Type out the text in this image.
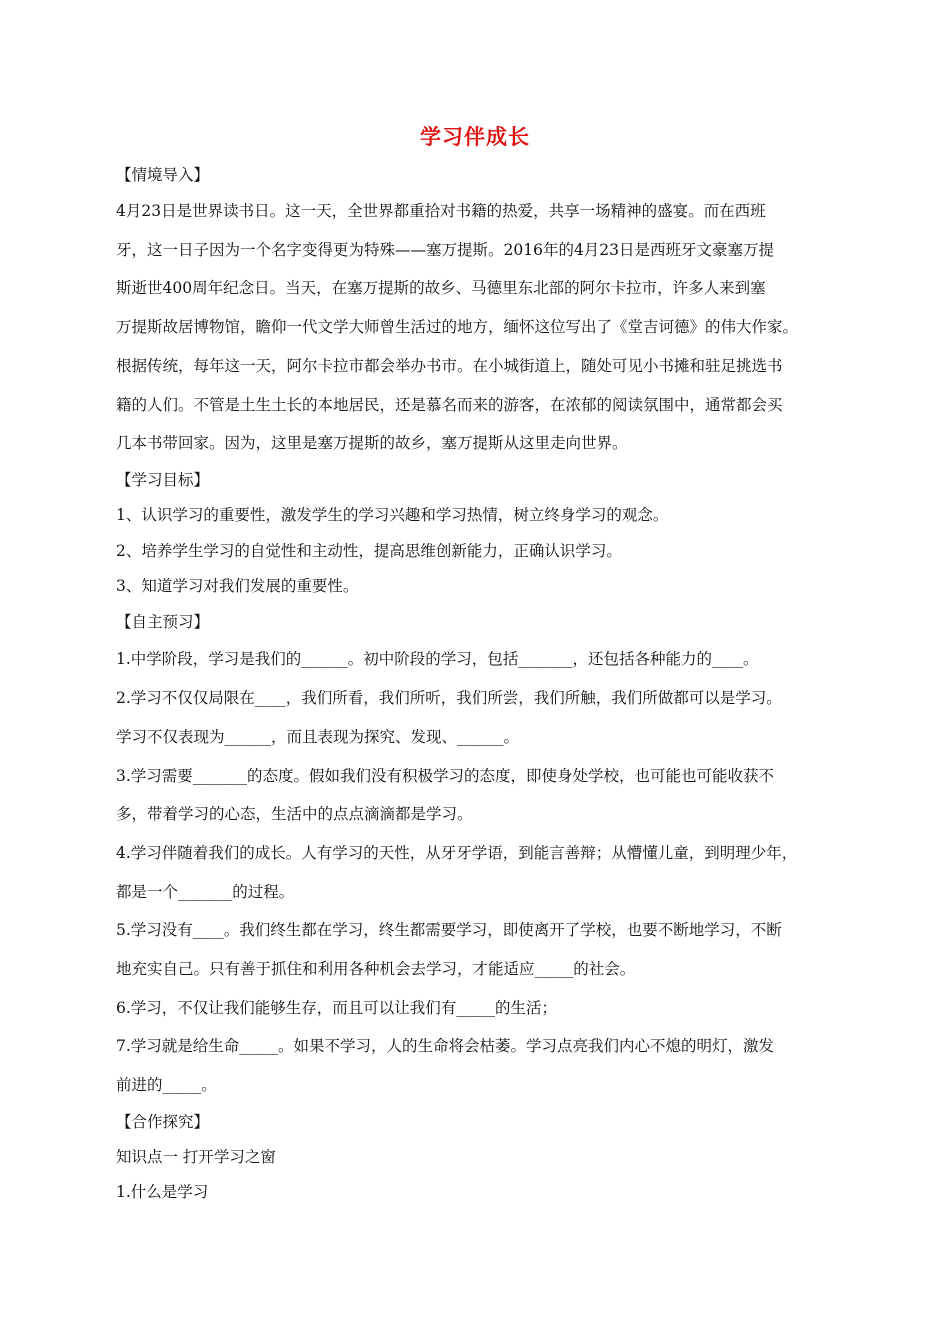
学习伴成长
【情境导入】
4月23日是世界读书日。这一天，全世界都重拾对书籍的热爱，共享一场精神的盛宴。而在西班
牙，这一日子因为一个名字变得更为特殊——塞万提斯。2016年的4月23日是西班牙文豪塞万提
斯逝世400周年纪念日。当天，在塞万提斯的故乡、马德里东北部的阿尔卡拉市，许多人来到塞
万提斯故居博物馆，瞻仰一代文学大师曾生活过的地方，缅怀这位写出了《堂吉诃德》的伟大作家。
根据传统，每年这一天，阿尔卡拉市都会举办书市。在小城街道上，随处可见小书摊和驻足挑选书
籍的人们。不管是土生土长的本地居民，还是慕名而来的游客，在浓郁的阅读氛围中，通常都会买
几本书带回家。因为，这里是塞万提斯的故乡，塞万提斯从这里走向世界。
【学习目标】
1、认识学习的重要性，激发学生的学习兴趣和学习热情，树立终身学习的观念。
2、培养学生学习的自觉性和主动性，提高思维创新能力，正确认识学习。
3、知道学习对我们发展的重要性。
【自主预习】
1.中学阶段，学习是我们的______。初中阶段的学习，包括_______，还包括各种能力的____。
2.学习不仅仅局限在____，我们所看，我们所听，我们所尝，我们所触，我们所做都可以是学习。
学习不仅表现为______，而且表现为探究、发现、______。
3.学习需要_______的态度。假如我们没有积极学习的态度，即使身处学校，也可能也可能收获不
多，带着学习的心态，生活中的点点滴滴都是学习。
4.学习伴随着我们的成长。人有学习的天性，从牙牙学语，到能言善辩；从懵懂儿童，到明理少年，
都是一个_______的过程。
5.学习没有____。我们终生都在学习，终生都需要学习，即使离开了学校，也要不断地学习，不断
地充实自己。只有善于抓住和利用各种机会去学习，才能适应_____的社会。
6.学习，不仅让我们能够生存，而且可以让我们有_____的生活；
7.学习就是给生命_____。如果不学习，人的生命将会枯萎。学习点亮我们内心不熄的明灯，激发
前进的_____。
【合作探究】
知识点一 打开学习之窗
1.什么是学习
